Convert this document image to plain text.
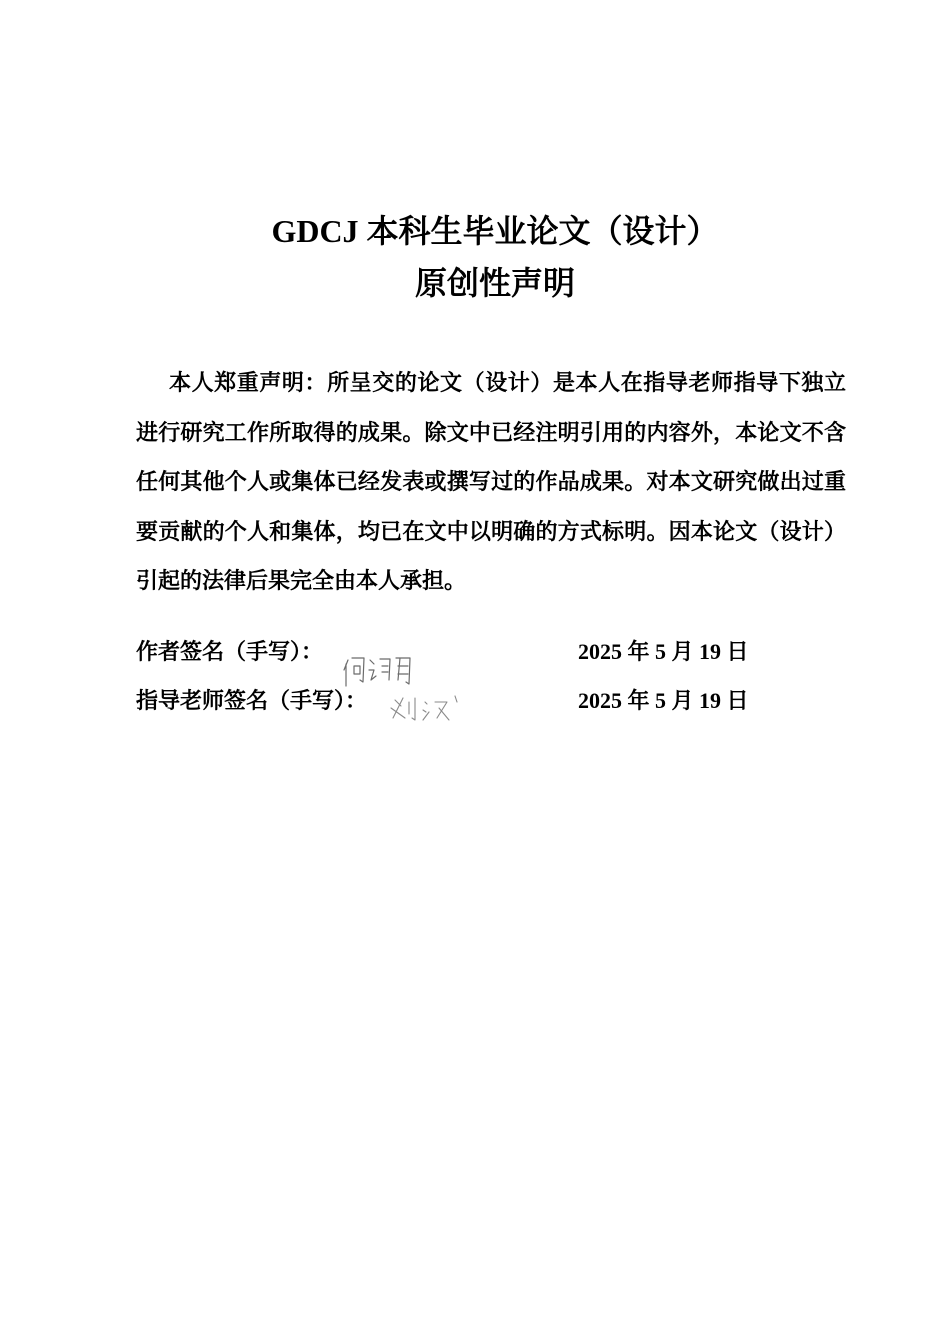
GDCJ 本科生毕业论文（设计）
原创性声明

本人郑重声明：所呈交的论文（设计）是本人在指导老师指导下独立进行研究工作所取得的成果。除文中已经注明引用的内容外，本论文不含任何其他个人或集体已经发表或撰写过的作品成果。对本文研究做出过重要贡献的个人和集体，均已在文中以明确的方式标明。因本论文（设计）引起的法律后果完全由本人承担。

作者签名（手写）：	2025 年 5 月 19 日
指导老师签名（手写）：	2025 年 5 月 19 日
